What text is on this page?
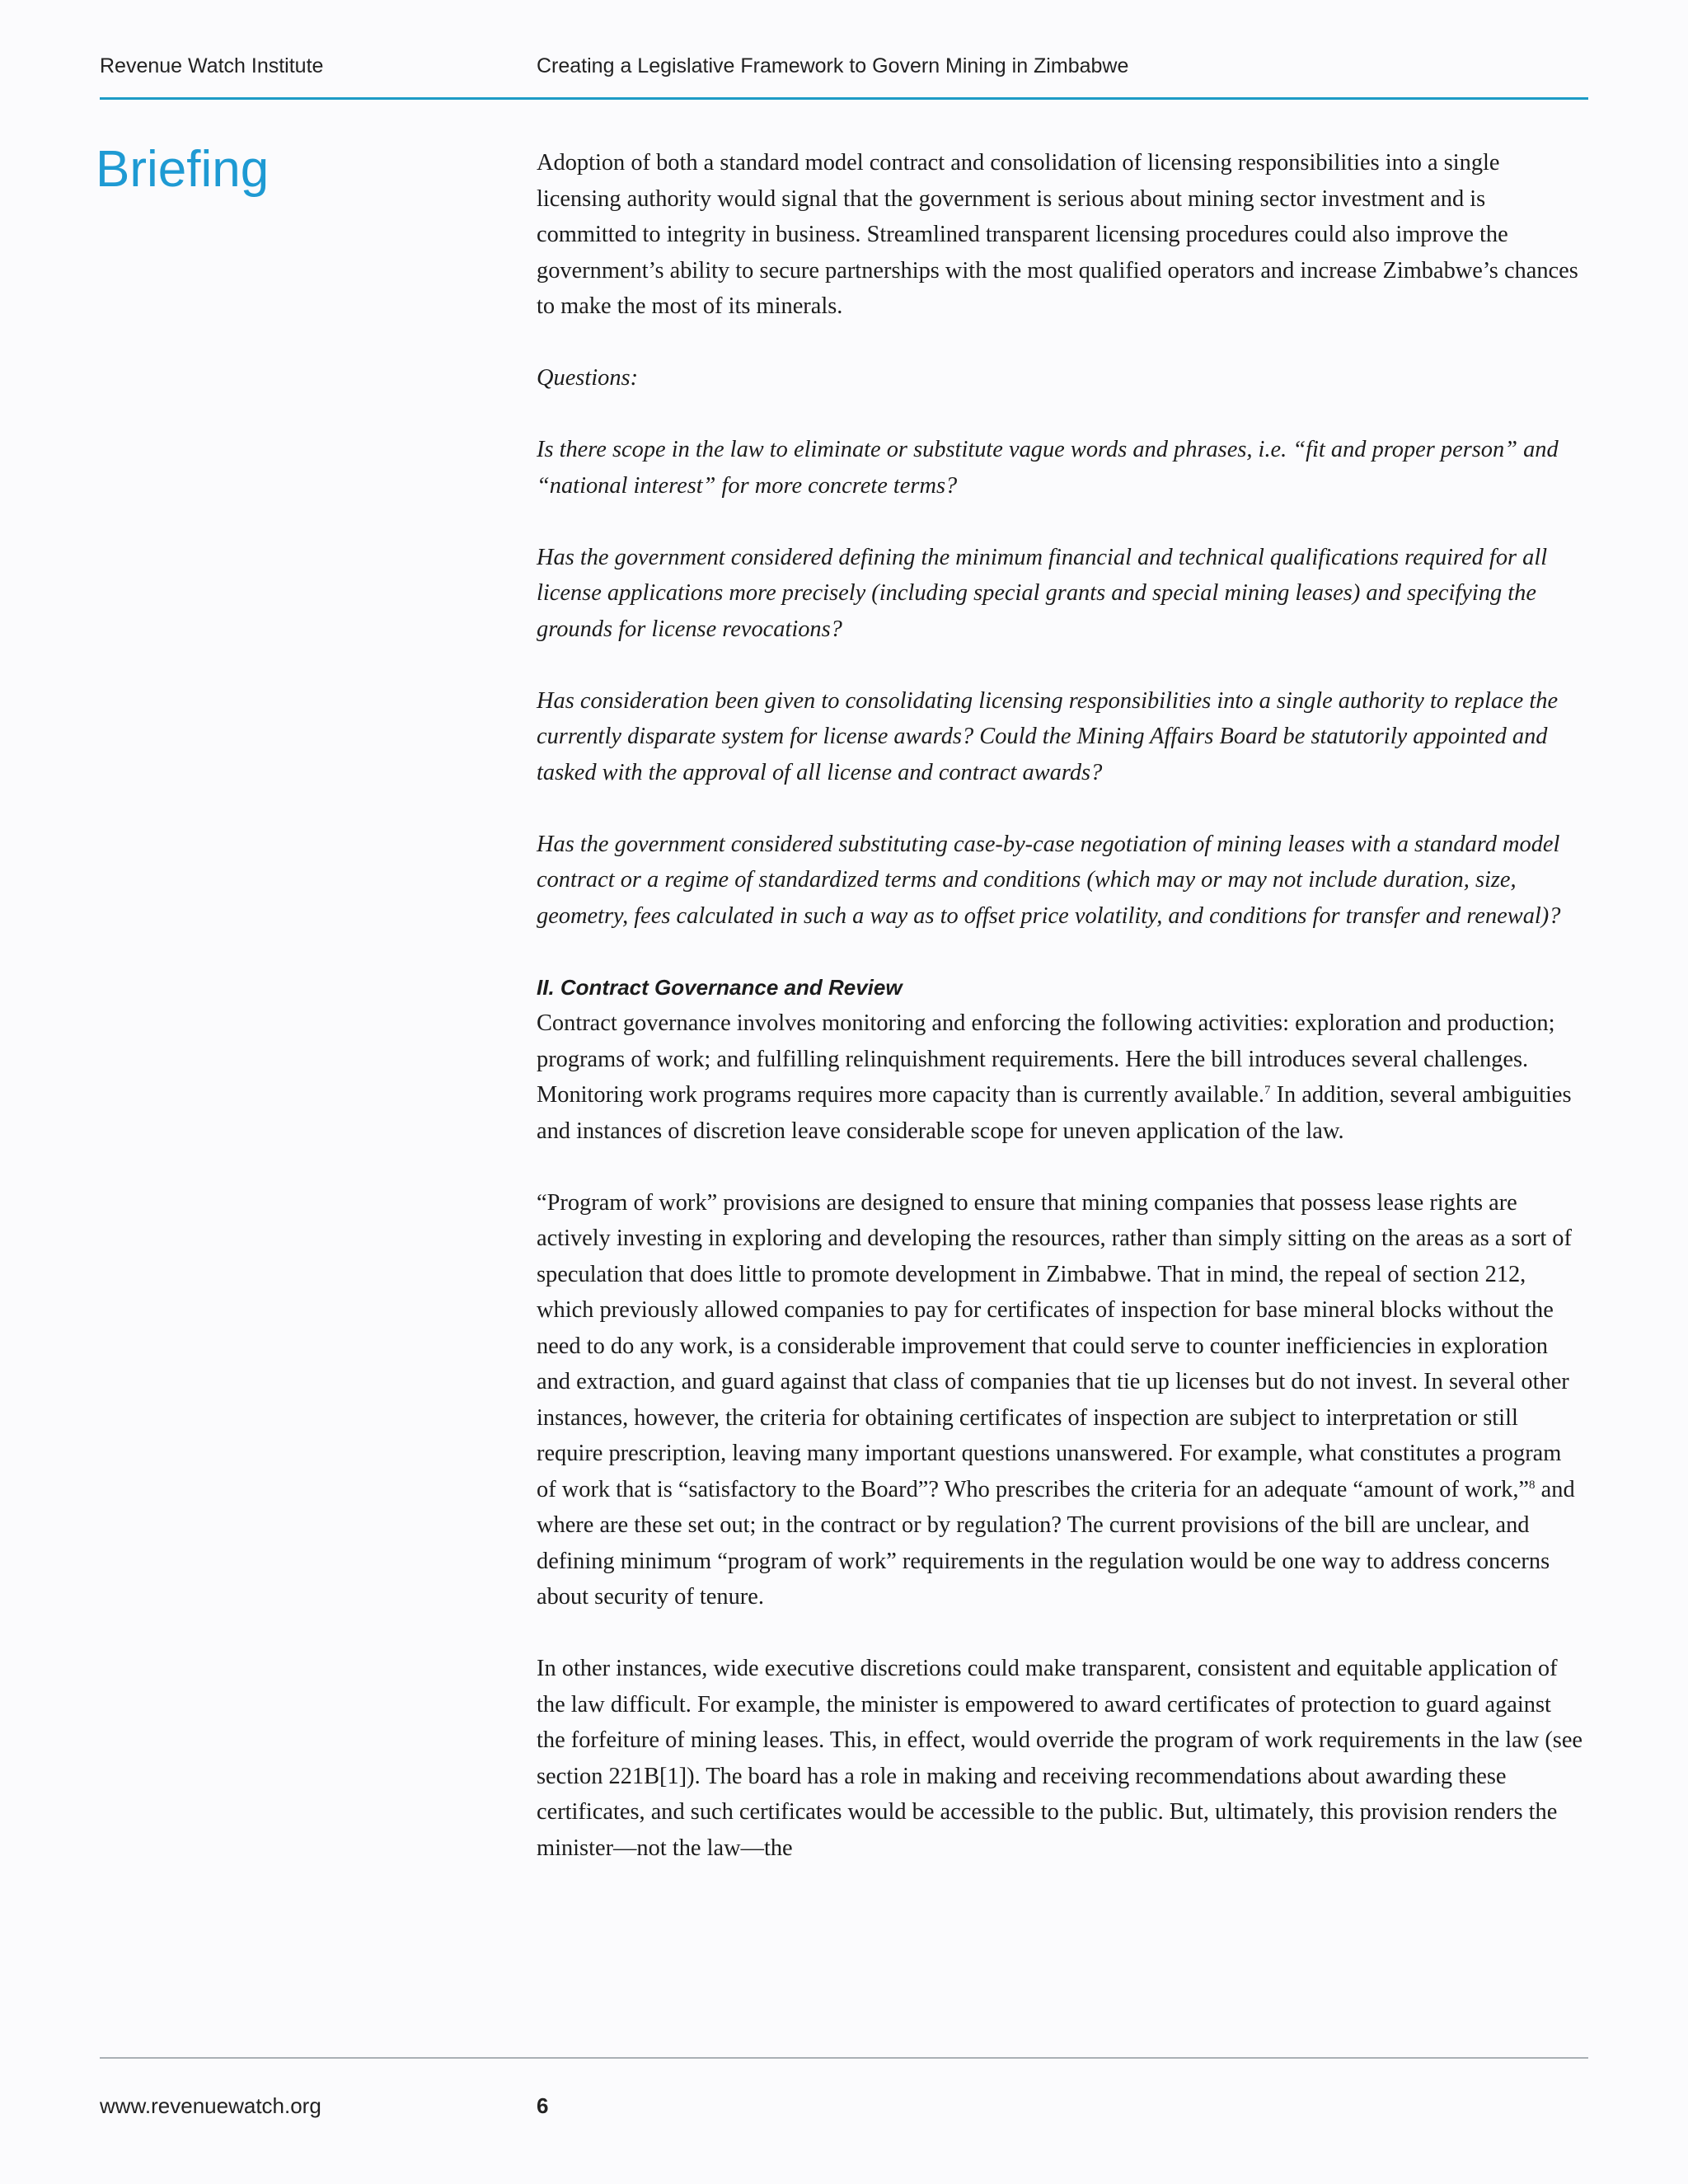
Revenue Watch Institute	Creating a Legislative Framework to Govern Mining in Zimbabwe
Briefing	Adoption of both a standard model contract and consolidation of licensing responsibilities into a single licensing authority would signal that the government is serious about mining sector investment and is committed to integrity in business. Streamlined transparent licensing procedures could also improve the government’s ability to secure partnerships with the most qualified operators and increase Zimbabwe’s chances to make the most of its minerals.

Questions:

Is there scope in the law to eliminate or substitute vague words and phrases, i.e. “fit and proper person” and “national interest” for more concrete terms?

Has the government considered defining the minimum financial and technical qualifications required for all license applications more precisely (including special grants and special mining leases) and specifying the grounds for license revocations?

Has consideration been given to consolidating licensing responsibilities into a single authority to replace the currently disparate system for license awards? Could the Mining Affairs Board be statutorily appointed and tasked with the approval of all license and contract awards?

Has the government considered substituting case-by-case negotiation of mining leases with a standard model contract or a regime of standardized terms and conditions (which may or may not include duration, size, geometry, fees calculated in such a way as to offset price volatility, and conditions for transfer and renewal)?

II. Contract Governance and Review

Contract governance involves monitoring and enforcing the following activities: exploration and production; programs of work; and fulfilling relinquishment requirements. Here the bill introduces several challenges. Monitoring work programs requires more capacity than is currently available.$^7$ In addition, several ambiguities and instances of discretion leave considerable scope for uneven application of the law.

“Program of work” provisions are designed to ensure that mining companies that possess lease rights are actively investing in exploring and developing the resources, rather than simply sitting on the areas as a sort of speculation that does little to promote development in Zimbabwe. That in mind, the repeal of section 212, which previously allowed companies to pay for certificates of inspection for base mineral blocks without the need to do any work, is a considerable improvement that could serve to counter inefficiencies in exploration and extraction, and guard against that class of companies that tie up licenses but do not invest. In several other instances, however, the criteria for obtaining certificates of inspection are subject to interpretation or still require prescription, leaving many important questions unanswered. For example, what constitutes a program of work that is “satisfactory to the Board”? Who prescribes the criteria for an adequate “amount of work,”$^8$ and where are these set out; in the contract or by regulation? The current provisions of the bill are unclear, and defining minimum “program of work” requirements in the regulation would be one way to address concerns about security of tenure.

In other instances, wide executive discretions could make transparent, consistent and equitable application of the law difficult. For example, the minister is empowered to award certificates of protection to guard against the forfeiture of mining leases. This, in effect, would override the program of work requirements in the law (see section 221B[1]). The board has a role in making and receiving recommendations about awarding these certificates, and such certificates would be accessible to the public. But, ultimately, this provision renders the minister—not the law—the

www.revenuewatch.org	6
